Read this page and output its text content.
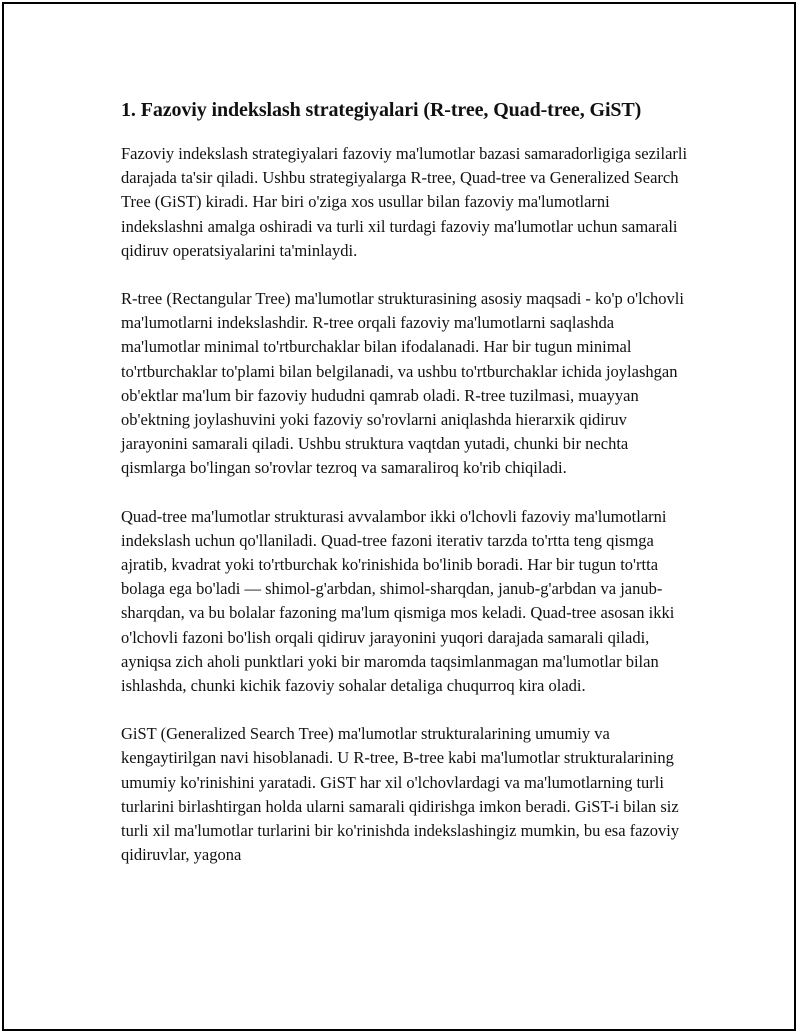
1. Fazoviy indekslash strategiyalari (R-tree, Quad-tree, GiST)

Fazoviy indekslash strategiyalari fazoviy ma'lumotlar bazasi samaradorligiga sezilarli darajada ta'sir qiladi. Ushbu strategiyalarga R-tree, Quad-tree va Generalized Search Tree (GiST) kiradi. Har biri o'ziga xos usullar bilan fazoviy ma'lumotlarni indekslashni amalga oshiradi va turli xil turdagi fazoviy ma'lumotlar uchun samarali qidiruv operatsiyalarini ta'minlaydi.

R-tree (Rectangular Tree) ma'lumotlar strukturasining asosiy maqsadi - ko'p o'lchovli ma'lumotlarni indekslashdir. R-tree orqali fazoviy ma'lumotlarni saqlashda ma'lumotlar minimal to'rtburchaklar bilan ifodalanadi. Har bir tugun minimal to'rtburchaklar to'plami bilan belgilanadi, va ushbu to'rtburchaklar ichida joylashgan ob'ektlar ma'lum bir fazoviy hududni qamrab oladi. R-tree tuzilmasi, muayyan ob'ektning joylashuvini yoki fazoviy so'rovlarni aniqlashda hierarxik qidiruv jarayonini samarali qiladi. Ushbu struktura vaqtdan yutadi, chunki bir nechta qismlarga bo'lingan so'rovlar tezroq va samaraliroq ko'rib chiqiladi.

Quad-tree ma'lumotlar strukturasi avvalambor ikki o'lchovli fazoviy ma'lumotlarni indekslash uchun qo'llaniladi. Quad-tree fazoni iterativ tarzda to'rtta teng qismga ajratib, kvadrat yoki to'rtburchak ko'rinishida bo'linib boradi. Har bir tugun to'rtta bolaga ega bo'ladi — shimol-g'arbdan, shimol-sharqdan, janub-g'arbdan va janub-sharqdan, va bu bolalar fazoning ma'lum qismiga mos keladi. Quad-tree asosan ikki o'lchovli fazoni bo'lish orqali qidiruv jarayonini yuqori darajada samarali qiladi, ayniqsa zich aholi punktlari yoki bir maromda taqsimlanmagan ma'lumotlar bilan ishlashda, chunki kichik fazoviy sohalar detaliga chuqurroq kira oladi.

GiST (Generalized Search Tree) ma'lumotlar strukturalarining umumiy va kengaytirilgan navi hisoblanadi. U R-tree, B-tree kabi ma'lumotlar strukturalarining umumiy ko'rinishini yaratadi. GiST har xil o'lchovlardagi va ma'lumotlarning turli turlarini birlashtirgan holda ularni samarali qidirishga imkon beradi. GiST-i bilan siz turli xil ma'lumotlar turlarini bir ko'rinishda indekslashingiz mumkin, bu esa fazoviy qidiruvlar, yagona
